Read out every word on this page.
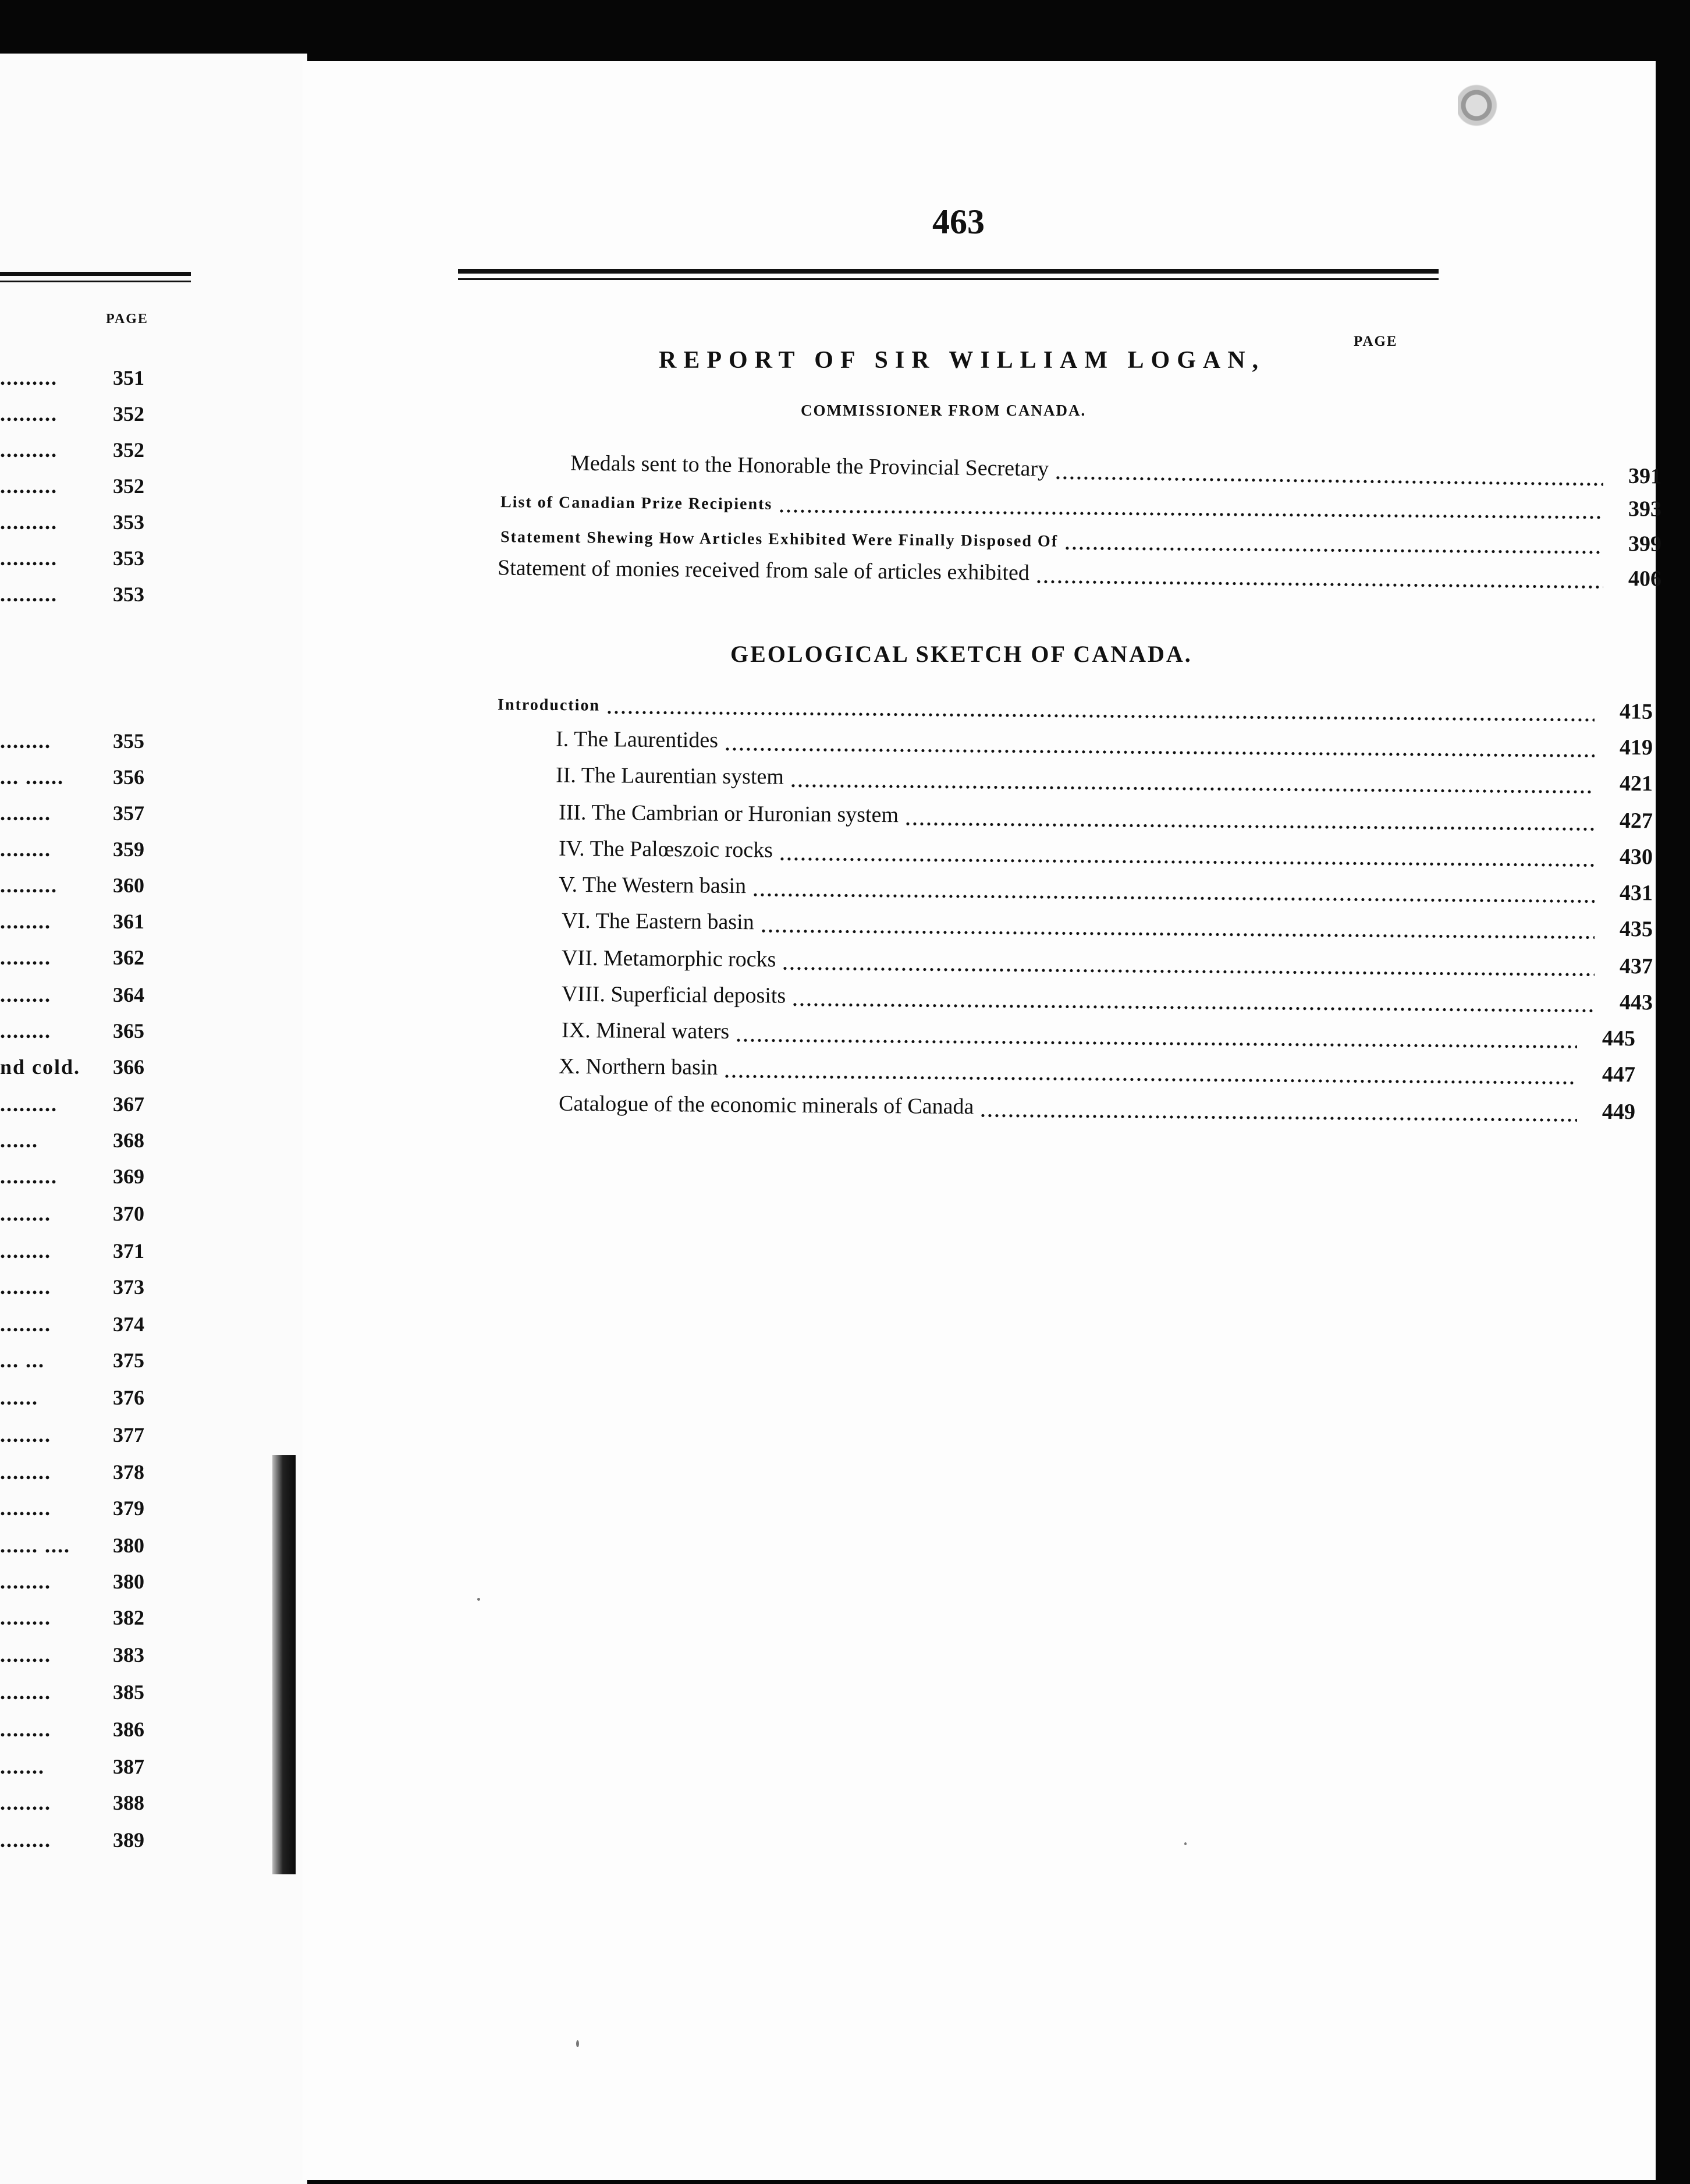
PAGE
.........	351
.........	352
.........	352
.........	352
.........	353
.........	353
.........	353
........	355
... ...... 356
........	357
........	359
.........	360
........	361
........	362
........	364
........	365
nd cold. 366
.........	367
......	368
.........	369
........	370
........	371
........	373
........	374
... ...	375
......	376
........	377
........	378
........	379
...... .... 380
........	380
........	382
........	383
........	385
........	386
.......	387
........	388
........	389
463
PAGE
REPORT OF SIR WILLIAM LOGAN,
COMMISSIONER FROM CANADA.
Medals sent to the Honorable the Provincial Secretary	391
List of Canadian Prize Recipients	393
Statement Shewing How Articles Exhibited Were Finally Disposed Of	399
Statement of monies received from sale of articles exhibited	406
GEOLOGICAL SKETCH OF CANADA.
Introduction	415
I. The Laurentides	419
II. The Laurentian system	421
III. The Cambrian or Huronian system	427
IV. The Palœszoic rocks	430
V. The Western basin	431
VI. The Eastern basin	435
VII. Metamorphic rocks	437
VIII. Superficial deposits	443
IX. Mineral waters	445
X. Northern basin	447
Catalogue of the economic minerals of Canada	449
